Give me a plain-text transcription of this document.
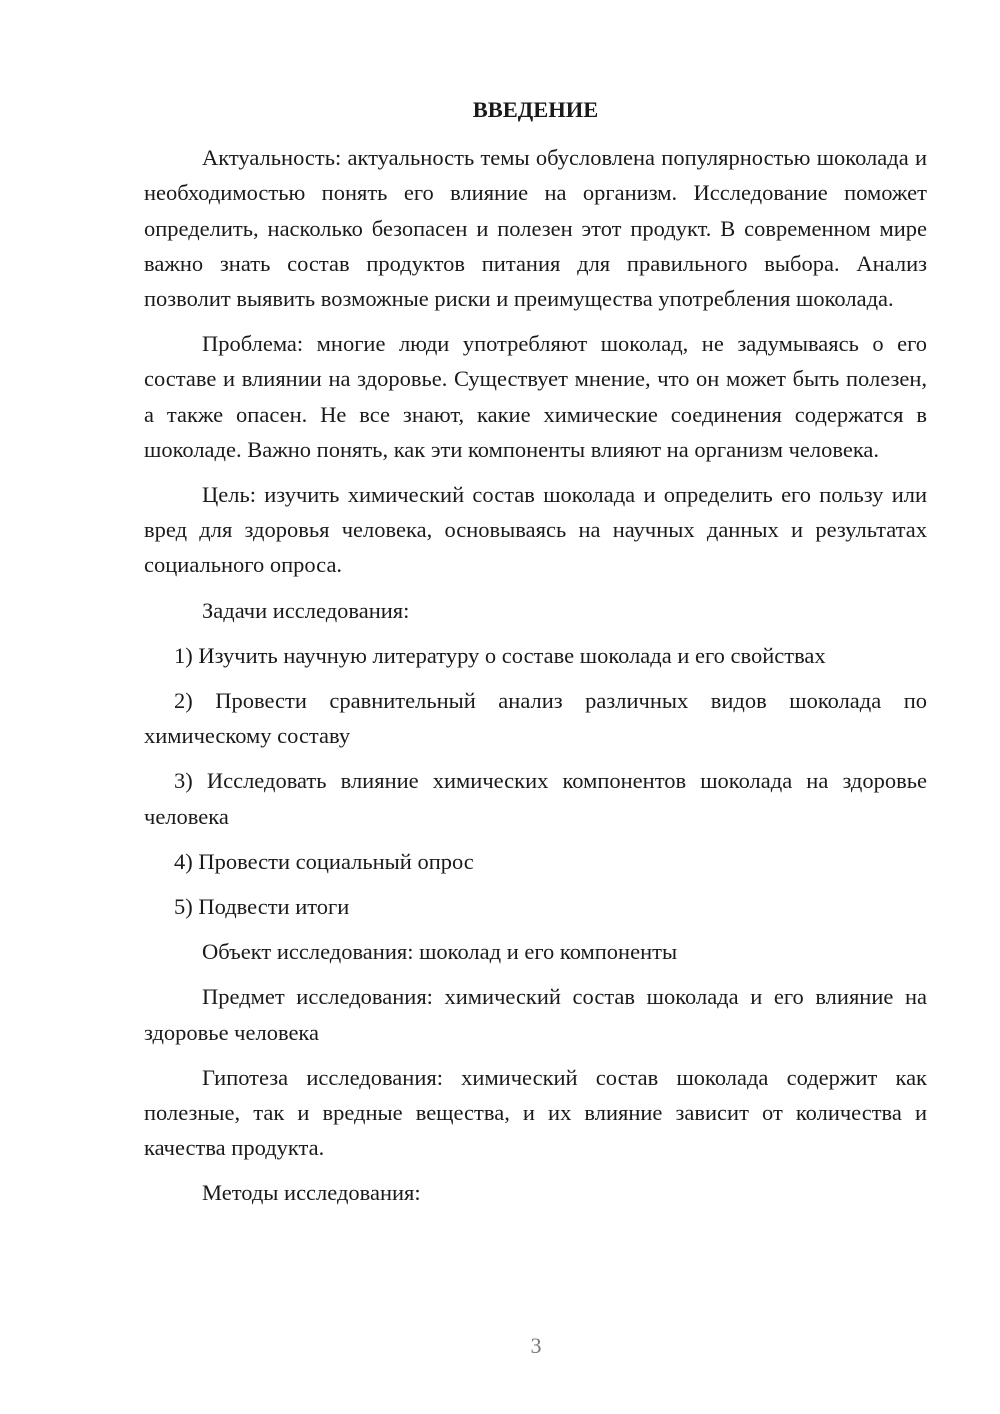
ВВЕДЕНИЕ

Актуальность: актуальность темы обусловлена популярностью шоколада и необходимостью понять его влияние на организм. Исследование поможет определить, насколько безопасен и полезен этот продукт. В современном мире важно знать состав продуктов питания для правильного выбора. Анализ позволит выявить возможные риски и преимущества употребления шоколада.

Проблема: многие люди употребляют шоколад, не задумываясь о его составе и влиянии на здоровье. Существует мнение, что он может быть полезен, а также опасен. Не все знают, какие химические соединения содержатся в шоколаде. Важно понять, как эти компоненты влияют на организм человека.

Цель: изучить химический состав шоколада и определить его пользу или вред для здоровья человека, основываясь на научных данных и результатах социального опроса.

Задачи исследования:

1) Изучить научную литературу о составе шоколада и его свойствах

2) Провести сравнительный анализ различных видов шоколада по химическому составу

3) Исследовать влияние химических компонентов шоколада на здоровье человека

4) Провести социальный опрос

5) Подвести итоги

Объект исследования: шоколад и его компоненты

Предмет исследования: химический состав шоколада и его влияние на здоровье человека

Гипотеза исследования: химический состав шоколада содержит как полезные, так и вредные вещества, и их влияние зависит от количества и качества продукта.

Методы исследования:

3
